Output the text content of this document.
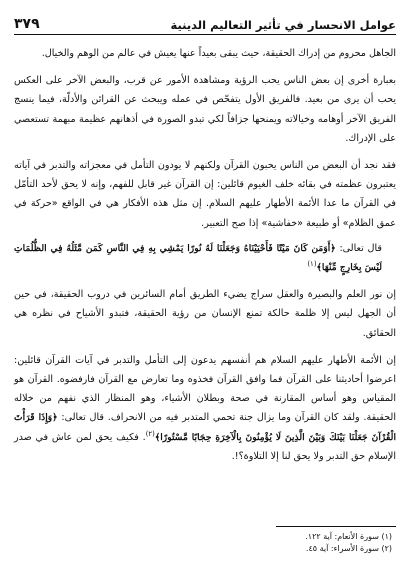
عوامل الانحسار في تأثير التعاليم الدينية
٣٧٩

الجاهل محروم من إدراك الحقيقة، حيث يبقى بعيداً عنها يعيش في عالم من الوهم والخيال.

بعبارة أخرى إن بعض الناس يحب الرؤية ومشاهدة الأمور عن قرب، والبعض الآخر على العكس يحب أن يرى من بعيد. فالفريق الأول يتفحّص في عمله ويبحث عن القرائن والأدلّة، فيما ينسج الفريق الآخر أوهامه وخيالاته ويمنحها جزافاً لكي تبدو الصورة في أذهانهم عظيمة مبهمة تستعصي على الإدراك.

فقد نجد أن البعض من الناس يحبون القرآن ولكنهم لا يودون التأمل في معجزاته والتدبر في آياته يعتبرون عظمته في بقائه خلف الغيوم قائلين: إن القرآن غير قابل للفهم، وإنه لا يحق لأحد التأمّل في القرآن ما عدا الأئمة الأطهار عليهم السلام. إن مثل هذه الأفكار هي في الواقع «حركة في عمق الظلام» أو طبيعة «خفاشية» إذا صح التعبير.

قال تعالى: ﴿أَوَمَن كَانَ مَيْتًا فَأَحْيَيْنَاهُ وَجَعَلْنَا لَهُ نُورًا يَمْشِي بِهِ فِي النَّاسِ كَمَن مَّثَلُهُ فِي الظُّلُمَاتِ لَيْسَ بِخَارِجٍ مِّنْهَا﴾$^{(١)}$

إن نور العلم والبصيرة والعقل سراج يضيء الطريق أمام السائرين في دروب الحقيقة، في حين أن الجهل ليس إلا ظلمة حالكة تمنع الإنسان من رؤية الحقيقة، فتبدو الأشياح في نظره هي الحقائق.

إن الأئمة الأطهار عليهم السلام هم أنفسهم يدعون إلى التأمل والتدبر في آيات القرآن قائلين: اعرضوا أحاديثنا على القرآن فما وافق القرآن فخذوه وما تعارض مع القرآن فارفضوه. القرآن هو المقياس وهو أساس المقارنة في صحة وبطلان الأشياء، وهو المنظار الذي نفهم من خلاله الحقيقة. ولقد كان القرآن وما يزال جنة تحمي المتدبر فيه من الانحراف. قال تعالى: ﴿وَإِذَا قَرَأْتَ الْقُرْآنَ جَعَلْنَا بَيْنَكَ وَبَيْنَ الَّذِينَ لَا يُؤْمِنُونَ بِالْآخِرَةِ حِجَابًا مَّسْتُورًا﴾$^{(٢)}$. فكيف يحق لمن عاش في صدر الإسلام حق التدبر ولا يحق لنا إلا التلاوة؟!.

(١) سورة الأنعام: آية ١٢٢.

(٢) سورة الأسراء: آية ٤٥.
